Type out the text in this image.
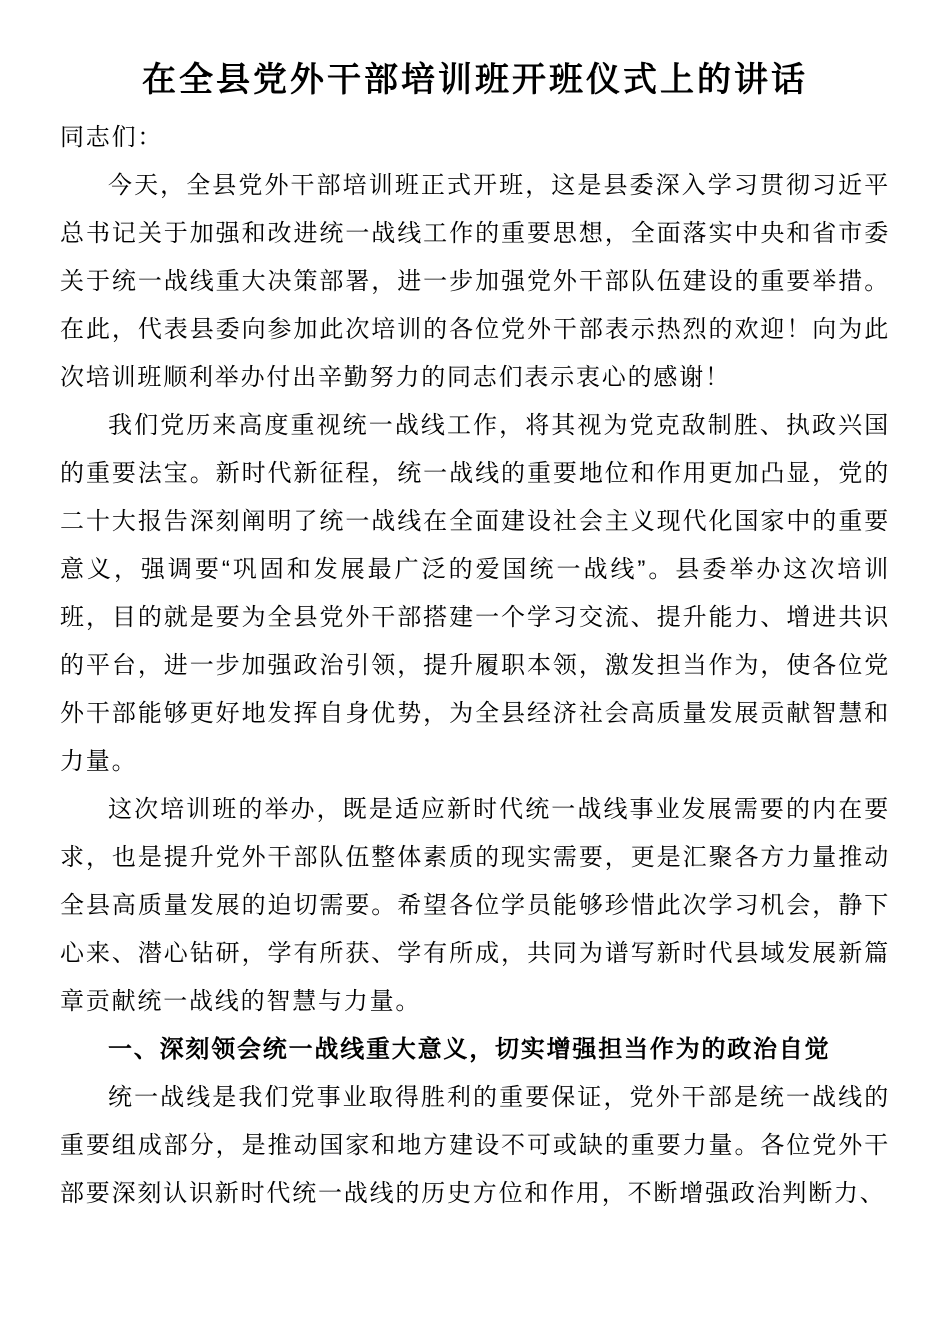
在全县党外干部培训班开班仪式上的讲话

同志们：

今天，全县党外干部培训班正式开班，这是县委深入学习贯彻习近平总书记关于加强和改进统一战线工作的重要思想，全面落实中央和省市委关于统一战线重大决策部署，进一步加强党外干部队伍建设的重要举措。在此，代表县委向参加此次培训的各位党外干部表示热烈的欢迎！向为此次培训班顺利举办付出辛勤努力的同志们表示衷心的感谢！

我们党历来高度重视统一战线工作，将其视为党克敌制胜、执政兴国的重要法宝。新时代新征程，统一战线的重要地位和作用更加凸显，党的二十大报告深刻阐明了统一战线在全面建设社会主义现代化国家中的重要意义，强调要“巩固和发展最广泛的爱国统一战线”。县委举办这次培训班，目的就是要为全县党外干部搭建一个学习交流、提升能力、增进共识的平台，进一步加强政治引领，提升履职本领，激发担当作为，使各位党外干部能够更好地发挥自身优势，为全县经济社会高质量发展贡献智慧和力量。

这次培训班的举办，既是适应新时代统一战线事业发展需要的内在要求，也是提升党外干部队伍整体素质的现实需要，更是汇聚各方力量推动全县高质量发展的迫切需要。希望各位学员能够珍惜此次学习机会，静下心来、潜心钻研，学有所获、学有所成，共同为谱写新时代县域发展新篇章贡献统一战线的智慧与力量。

一、深刻领会统一战线重大意义，切实增强担当作为的政治自觉

统一战线是我们党事业取得胜利的重要保证，党外干部是统一战线的重要组成部分，是推动国家和地方建设不可或缺的重要力量。各位党外干部要深刻认识新时代统一战线的历史方位和作用，不断增强政治判断力、
